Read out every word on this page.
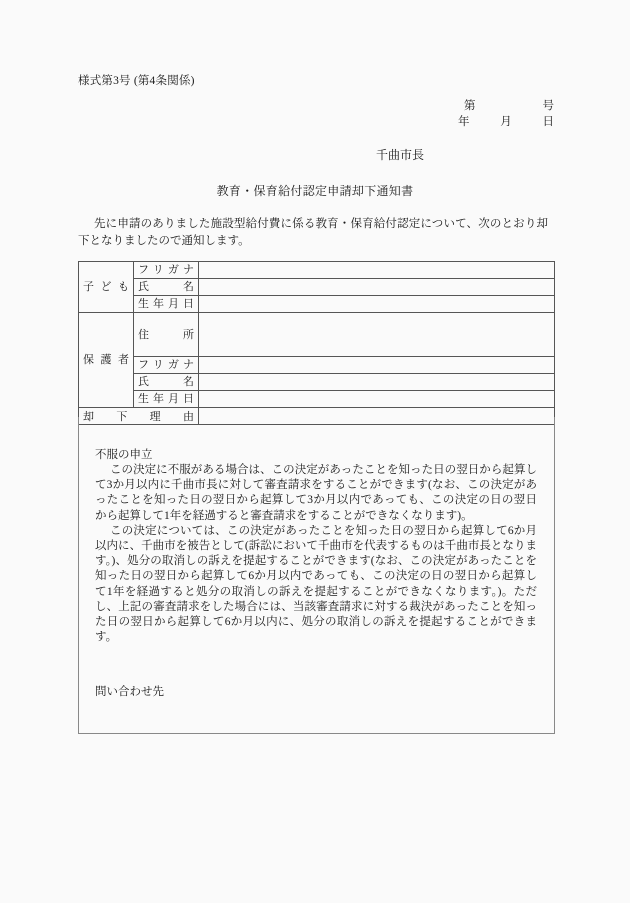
様式第3号 (第4条関係)
第	号
年	月	日
千曲市長
教育・保育給付認定申請却下通知書
先に申請のありました施設型給付費に係る教育・保育給付認定について、次のとおり却下となりましたので通知します。
子ども	フリガナ	

	氏名	

	生年月日	

保護者	住所	

	フリガナ	

	氏名	

	生年月日	

却下理由		
不服の申立

この決定に不服がある場合は、この決定があったことを知った日の翌日から起算して3か月以内に千曲市長に対して審査請求をすることができます(なお、この決定があったことを知った日の翌日から起算して3か月以内であっても、この決定の日の翌日から起算して1年を経過すると審査請求をすることができなくなります)。

この決定については、この決定があったことを知った日の翌日から起算して6か月以内に、千曲市を被告として(訴訟において千曲市を代表するものは千曲市長となります。)、処分の取消しの訴えを提起することができます(なお、この決定があったことを知った日の翌日から起算して6か月以内であっても、この決定の日の翌日から起算して1年を経過すると処分の取消しの訴えを提起することができなくなります。)。ただし、上記の審査請求をした場合には、当該審査請求に対する裁決があったことを知った日の翌日から起算して6か月以内に、処分の取消しの訴えを提起することができます。

問い合わせ先
